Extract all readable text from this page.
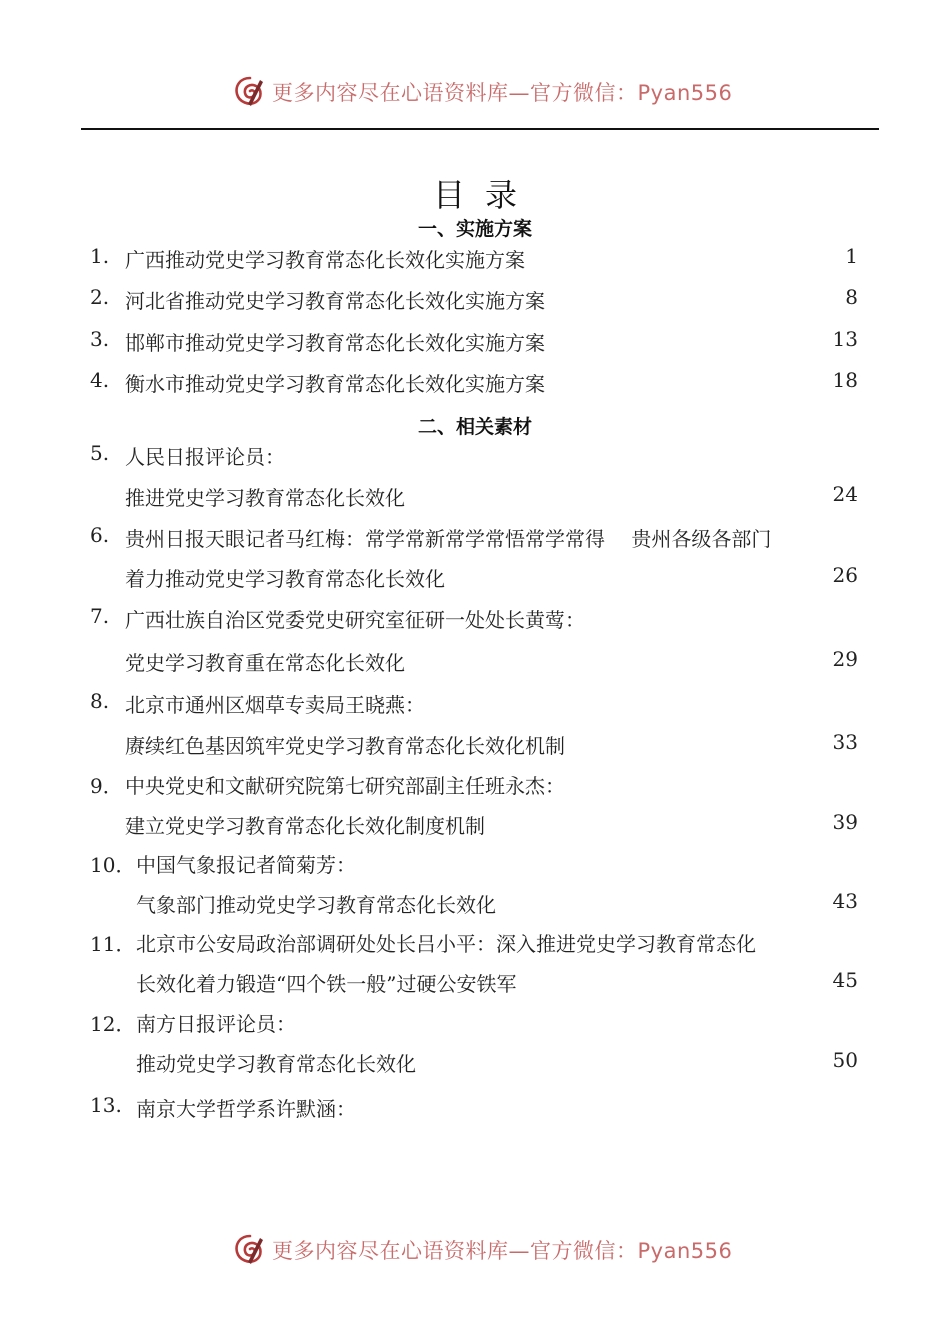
更多内容尽在心语资料库—官方微信：Pyan556
目录
一、实施方案
1. 广西推动党史学习教育常态化长效化实施方案	1
2. 河北省推动党史学习教育常态化长效化实施方案	8
3. 邯郸市推动党史学习教育常态化长效化实施方案	13
4. 衡水市推动党史学习教育常态化长效化实施方案	18
二、相关素材
5. 人民日报评论员：
推进党史学习教育常态化长效化	24
6. 贵州日报天眼记者马红梅：常学常新常学常悟常学常得　 贵州各级各部门
着力推动党史学习教育常态化长效化	26
7. 广西壮族自治区党委党史研究室征研一处处长黄莺：
党史学习教育重在常态化长效化	29
8. 北京市通州区烟草专卖局王晓燕：
赓续红色基因筑牢党史学习教育常态化长效化机制	33
9． 中央党史和文献研究院第七研究部副主任班永杰：
建立党史学习教育常态化长效化制度机制	39
10． 中国气象报记者简菊芳：
气象部门推动党史学习教育常态化长效化	43
11． 北京市公安局政治部调研处处长吕小平：深入推进党史学习教育常态化
长效化着力锻造“四个铁一般”过硬公安铁军	45
12． 南方日报评论员：
推动党史学习教育常态化长效化	50
13. 南京大学哲学系许默涵：
更多内容尽在心语资料库—官方微信：Pyan556
